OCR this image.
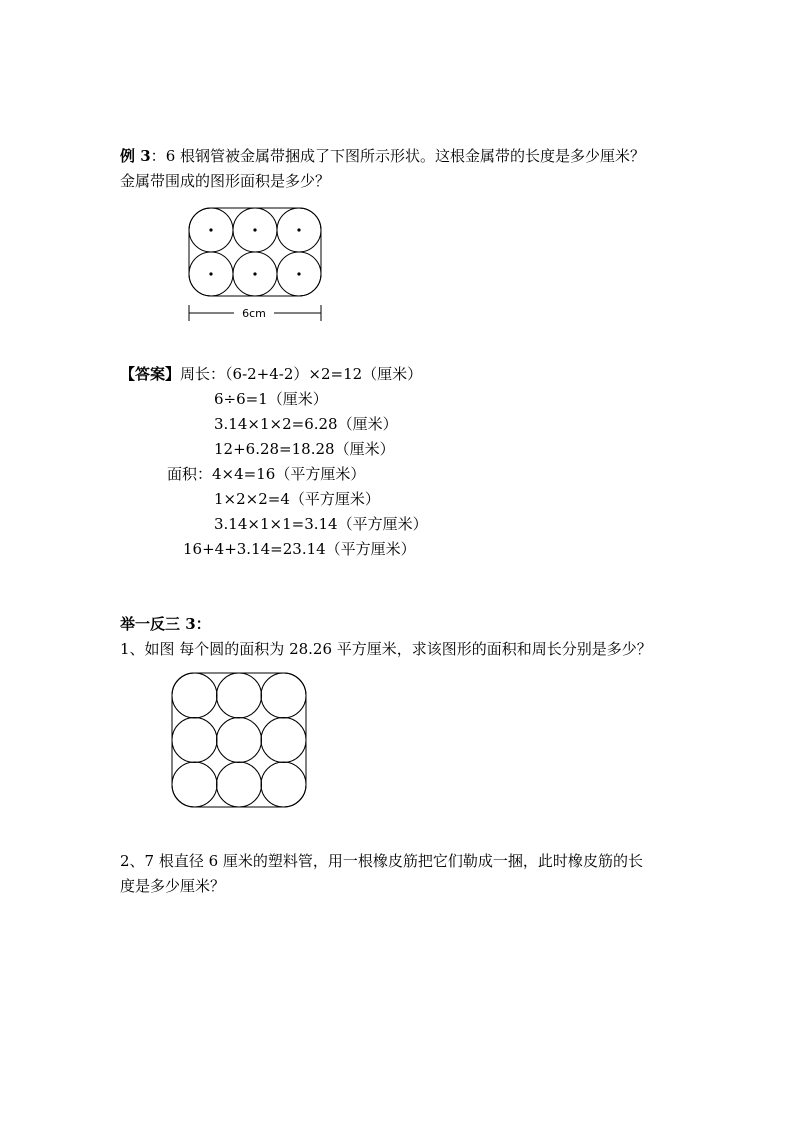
例 3：6 根钢管被金属带捆成了下图所示形状。这根金属带的长度是多少厘米？
金属带围成的图形面积是多少？
6cm
【答案】周长：（6-2+4-2）×2=12（厘米）
6÷6=1（厘米）
3.14×1×2=6.28（厘米）
12+6.28=18.28（厘米）
面积：4×4=16（平方厘米）
1×2×2=4（平方厘米）
3.14×1×1=3.14（平方厘米）
16+4+3.14=23.14（平方厘米）
举一反三 3：
1、如图 每个圆的面积为 28.26 平方厘米，求该图形的面积和周长分别是多少？
2、7 根直径 6 厘米的塑料管，用一根橡皮筋把它们勒成一捆，此时橡皮筋的长
度是多少厘米？
